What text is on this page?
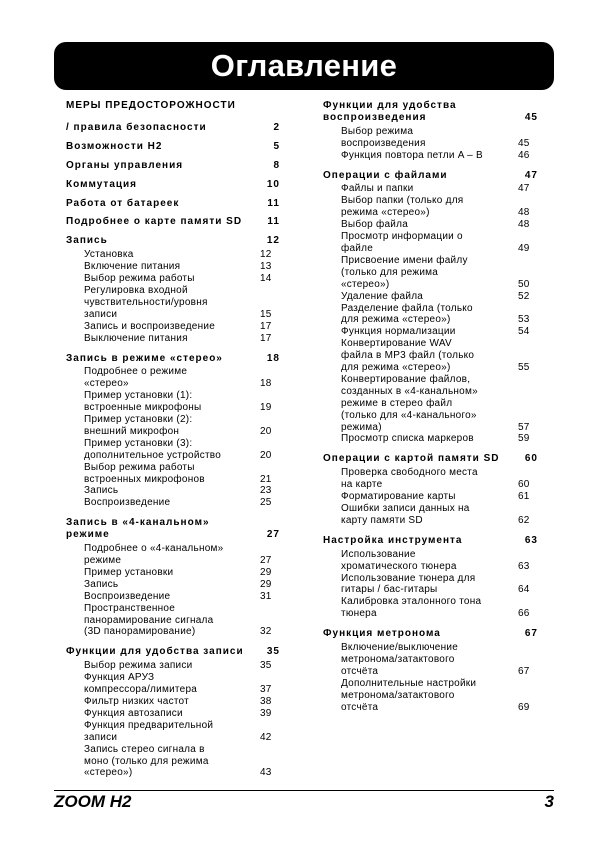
Оглавление
МЕРЫ ПРЕДОСТОРОЖНОСТИ
/ правила безопасности	2
Возможности H2	5
Органы управления	8
Коммутация	10
Работа от батареек	11
Подробнее о карте памяти SD	11
Запись	12
Установка	12
Включение питания	13
Выбор режима работы	14
Регулировка входной
чувствительности/уровня
записи	15
Запись и воспроизведение	17
Выключение питания	17
Запись в режиме «стерео»	18
Подробнее о режиме
«стерео»	18
Пример установки (1):
встроенные микрофоны	19
Пример установки (2):
внешний микрофон	20
Пример установки (3):
дополнительное устройство	20
Выбор режима работы
встроенных микрофонов	21
Запись	23
Воспроизведение	25
Запись в «4-канальном»
режиме	27
Подробнее о «4-канальном»
режиме	27
Пример установки	29
Запись	29
Воспроизведение	31
Пространственное
панорамирование сигнала
(3D панорамирование)	32
Функции для удобства записи	35
Выбор режима записи	35
Функция АРУЗ
компрессора/лимитера	37
Фильтр низких частот	38
Функция автозаписи	39
Функция предварительной
записи	42
Запись стерео сигнала в
моно (только для режима
«стерео»)	43
Функции для удобства
воспроизведения	45
Выбор режима
воспроизведения	45
Функция повтора петли A – B	46
Операции с файлами	47
Файлы и папки	47
Выбор папки (только для
режима «стерео»)	48
Выбор файла	48
Просмотр информации о
файле	49
Присвоение имени файлу
(только для режима
«стерео»)	50
Удаление файла	52
Разделение файла (только
для режима «стерео»)	53
Функция нормализации	54
Конвертирование WAV
файла в MP3 файл (только
для режима «стерео»)	55
Конвертирование файлов,
созданных в «4-канальном»
режиме в стерео файл
(только для «4-канального»
режима)	57
Просмотр списка маркеров	59
Операции с картой памяти SD	60
Проверка свободного места
на карте	60
Форматирование карты	61
Ошибки записи данных на
карту памяти SD	62
Настройка инструмента	63
Использование
хроматического тюнера	63
Использование тюнера для
гитары / бас-гитары	64
Калибровка эталонного тона
тюнера	66
Функция метронома	67
Включение/выключение
метронома/затактового
отсчёта	67
Дополнительные настройки
метронома/затактового
отсчёта	69
ZOOM H2	3
